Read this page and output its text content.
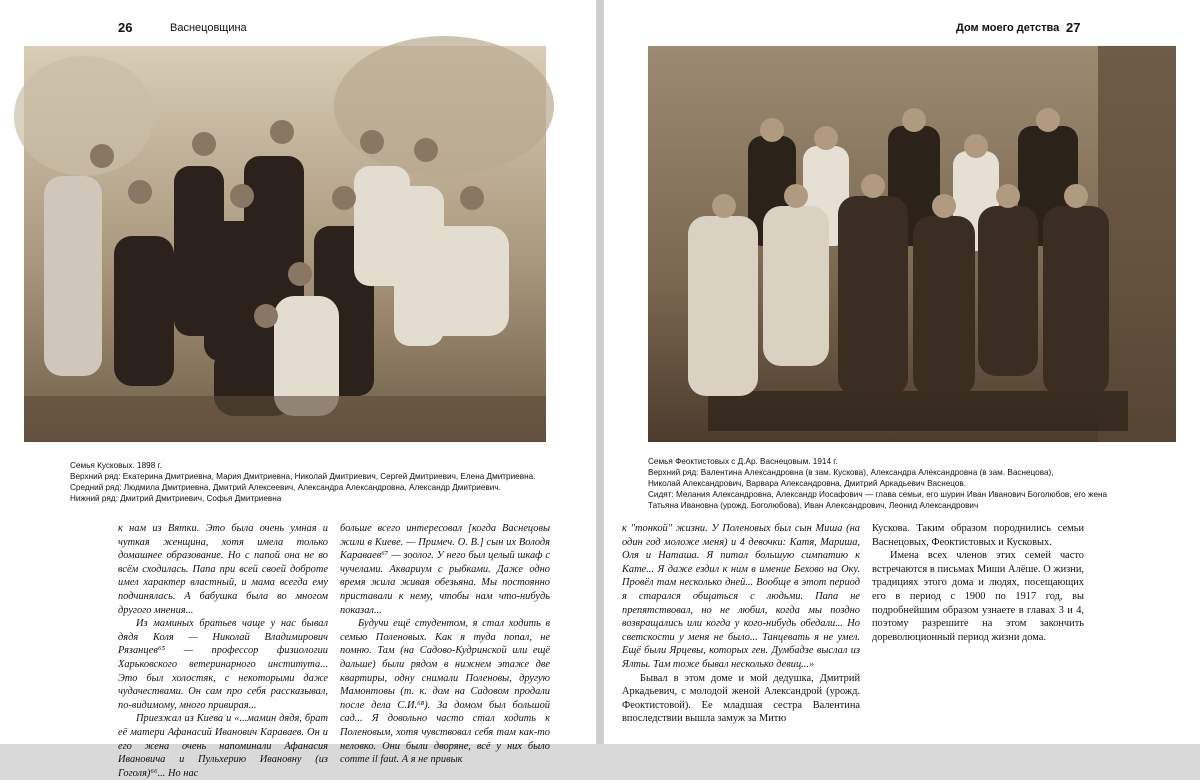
26	Васнецовщина
Семья Кусковых. 1898 г.
Верхний ряд: Екатерина Дмитриевна, Мария Дмитриевна, Николай Дмитриевич, Сергей Дмитриевич, Елена Дмитриевна.
Средний ряд: Людмила Дмитриевна, Дмитрий Алексеевич, Александра Александровна, Александр Дмитриевич.
Нижний ряд: Дмитрий Дмитриевич, Софья Дмитриевна

к нам из Вятки. Это была очень умная и чуткая женщина, хотя имела только домашнее образование. Но с папой она не во всём сходилась. Папа при всей своей доброте имел характер властный, и мама всегда ему подчинялась. А бабушка была во многом другого мнения...

Из маминых братьев чаще у нас бывал дядя Коля — Николай Владимирович Рязанцев⁶⁵ — профессор физиологии Харьковского ветеринарного института... Это был холостяк, с некоторыми даже чудачествами. Он сам про себя рассказывал, по-видимому, много привирая...

Приезжал из Киева и «...мамин дядя, брат её матери Афанасий Иванович Караваев. Он и его жена очень напоминали Афанасия Ивановича и Пульхерию Ивановну (из Гоголя)⁶⁶... Но нас

больше всего интересовал [когда Васнецовы жили в Киеве. — Примеч. О. В.] сын их Володя Караваев⁶⁷ — зоолог. У него был целый шкаф с чучелами. Аквариум с рыбками. Даже одно время жила живая обезьяна. Мы постоянно приставали к нему, чтобы нам что-нибудь показал...

Будучи ещё студентом, я стал ходить в семью Поленовых. Как я туда попал, не помню. Там (на Садово-Кудринской или ещё дальше) были рядом в нижнем этаже две квартиры, одну снимали Поленовы, другую Мамонтовы (т. к. дом на Садовом продали после дела С.И.⁶⁸). За домом был большой сад... Я довольно часто стал ходить к Поленовым, хотя чувствовал себя там как-то неловко. Они были дворяне, всё у них было comme il faut. А я не привык

Дом моего детства 27
Семья Феоктистовых с Д.Ар. Васнецовым. 1914 г.
Верхний ряд: Валентина Александровна (в зам. Кускова), Александра Александровна (в зам. Васнецова),
Николай Александрович, Варвара Александровна, Дмитрий Аркадьевич Васнецов.
Сидят: Мелания Александровна, Александр Иосафович — глава семьи, его шурин Иван Иванович Боголюбов, его жена
Татьяна Ивановна (урожд. Боголюбова), Иван Александрович, Леонид Александрович

к "тонкой" жизни. У Поленовых был сын Миша (на один год моложе меня) и 4 девочки: Катя, Мариша, Оля и Наташа. Я питал большую симпатию к Кате... Я даже ездил к ним в имение Бехово на Оку. Провёл там несколько дней... Вообще в этот период я старался общаться с людьми. Папа не препятствовал, но не любил, когда мы поздно возвращались или когда у кого-нибудь обедали... Но светскости у меня не было... Танцевать я не умел. Ещё были Ярцевы, которых ген. Думбадзе выслал из Ялты. Там тоже бывал несколько девиц...»

Бывал в этом доме и мой дедушка, Дмитрий Аркадьевич, с молодой женой Александрой (урожд. Феоктистовой). Ее младшая сестра Валентина впоследствии вышла замуж за Митю

Кускова. Таким образом породнились семьи Васнецовых, Феоктистовых и Кусковых.

Имена всех членов этих семей часто встречаются в письмах Миши Алёше. О жизни, традициях этого дома и людях, посещающих его в период с 1900 по 1917 год, вы подробнейшим образом узнаете в главах 3 и 4, поэтому разрешите на этом закончить дореволюционный период жизни дома.
